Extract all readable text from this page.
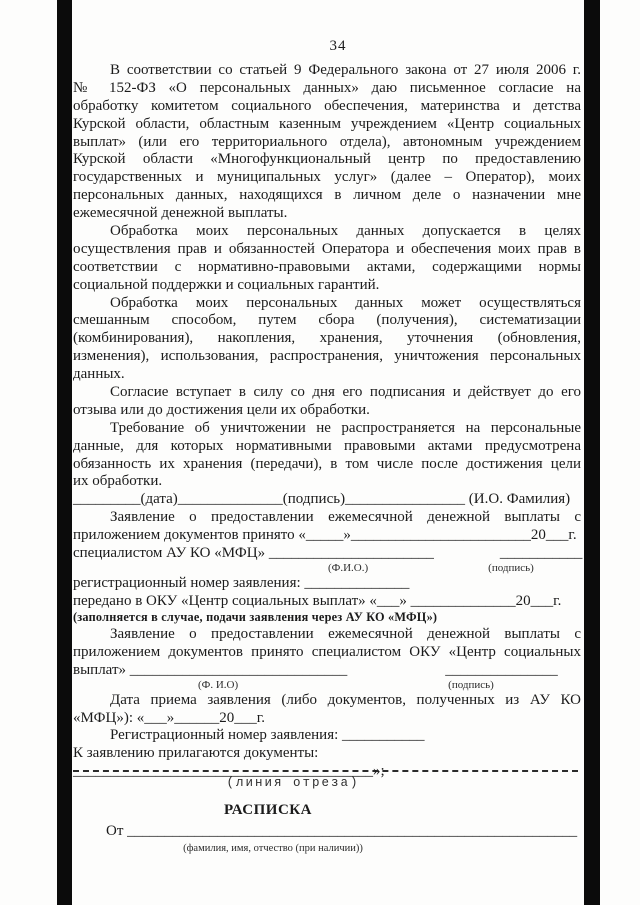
34
В соответствии со статьей 9 Федерального закона от 27 июля 2006 г.
№ 152-ФЗ «О персональных данных» даю письменное согласие на
обработку комитетом социального обеспечения, материнства и детства
Курской области, областным казенным учреждением «Центр социальных
выплат» (или его территориального отдела), автономным учреждением
Курской области «Многофункциональный центр по предоставлению
государственных и муниципальных услуг» (далее – Оператор), моих
персональных данных, находящихся в личном деле о назначении мне
ежемесячной денежной выплаты.
Обработка моих персональных данных допускается в целях
осуществления прав и обязанностей Оператора и обеспечения моих прав в
соответствии с нормативно-правовыми актами, содержащими нормы
социальной поддержки и социальных гарантий.
Обработка моих персональных данных может осуществляться
смешанным способом, путем сбора (получения), систематизации
(комбинирования), накопления, хранения, уточнения (обновления,
изменения), использования, распространения, уничтожения персональных
данных.
Согласие вступает в силу со дня его подписания и действует до его
отзыва или до достижения цели их обработки.
Требование об уничтожении не распространяется на персональные
данные, для которых нормативными правовыми актами предусмотрена
обязанность их хранения (передачи), в том числе после достижения цели
их обработки.
_________(дата)______________(подпись)________________ (И.О. Фамилия)
Заявление о предоставлении ежемесячной денежной выплаты с
приложением документов принято «_____»________________________20___г.
специалистом АУ КО «МФЦ» ______________________	___________
(Ф.И.О.)	(подпись)
регистрационный номер заявления: ______________
передано в ОКУ «Центр социальных выплат» «___» ______________20___г.
(заполняется в случае, подачи заявления через АУ КО «МФЦ»)
Заявление о предоставлении ежемесячной денежной выплаты с
приложением документов принято специалистом ОКУ «Центр социальных
выплат» _____________________________	_______________
(Ф. И.О)	(подпись)
Дата приема заявления (либо документов, полученных из АУ КО
«МФЦ»): «___»______20___г.
Регистрационный номер заявления: ___________
К заявлению прилагаются документы: ________________________________________»;
(линия отреза)
РАСПИСКА
От ____________________________________________________________
(фамилия, имя, отчество (при наличии))
